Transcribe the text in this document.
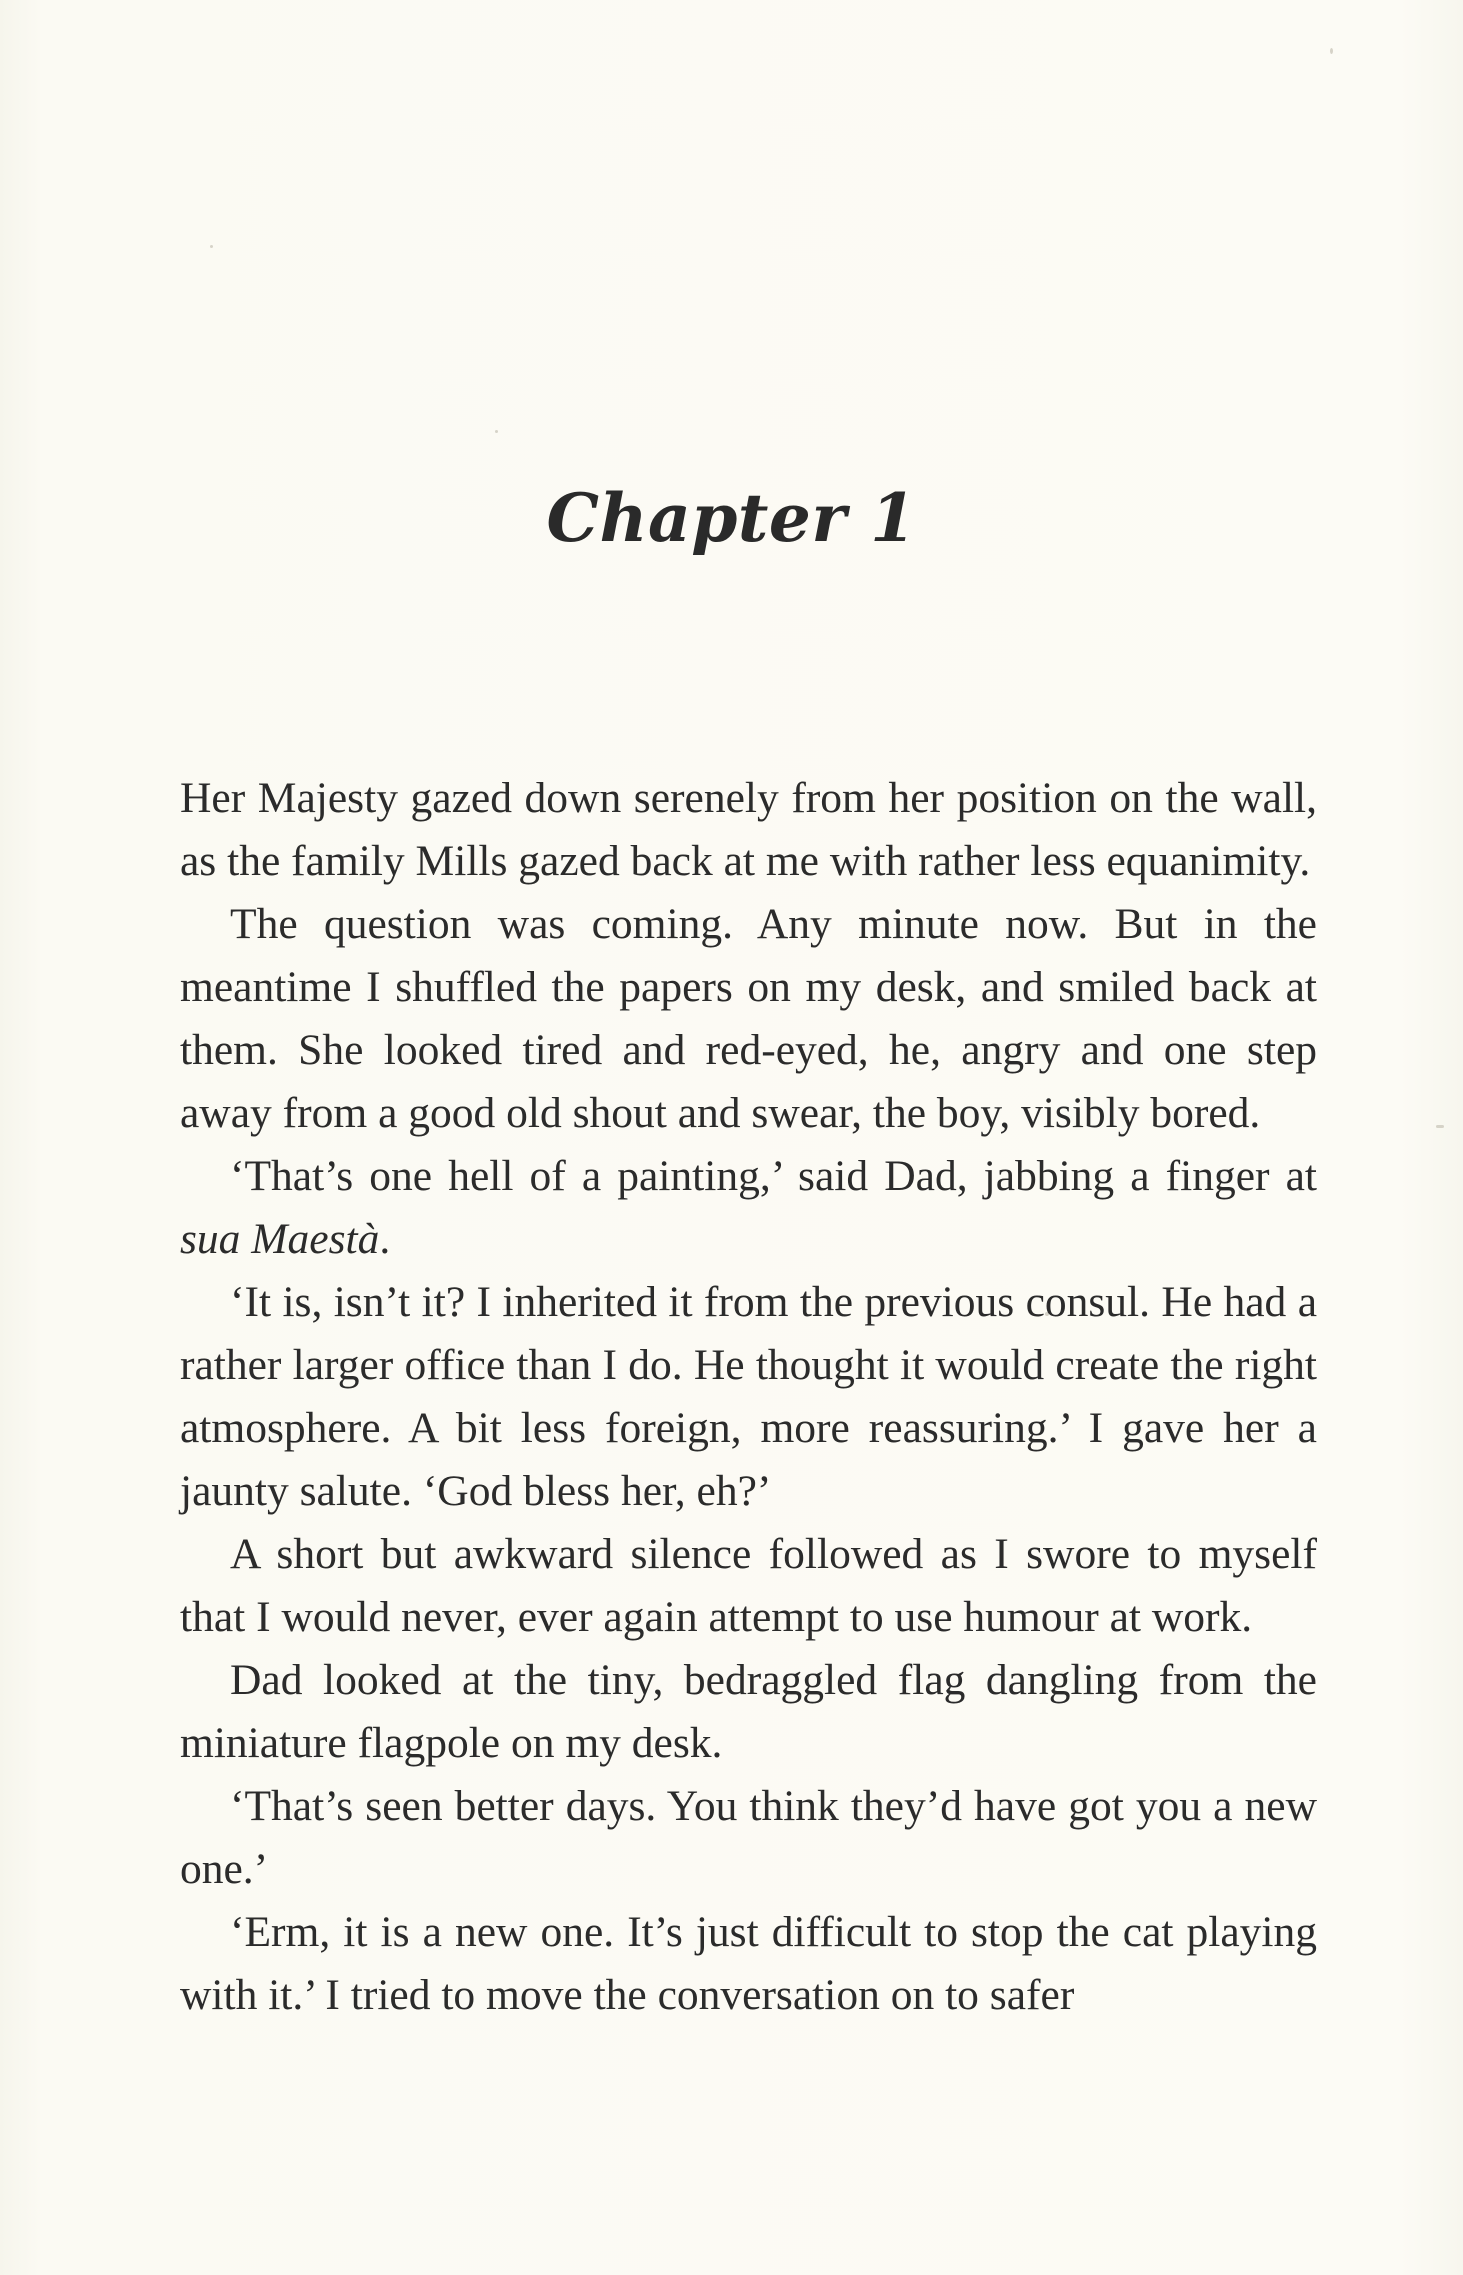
Chapter 1

Her Majesty gazed down serenely from her position on the wall, as the family Mills gazed back at me with rather less equanimity.

The question was coming. Any minute now. But in the meantime I shuffled the papers on my desk, and smiled back at them. She looked tired and red-eyed, he, angry and one step away from a good old shout and swear, the boy, visibly bored.

‘That’s one hell of a painting,’ said Dad, jabbing a finger at sua Maestà.

‘It is, isn’t it? I inherited it from the previous consul. He had a rather larger office than I do. He thought it would create the right atmosphere. A bit less foreign, more reassuring.’ I gave her a jaunty salute. ‘God bless her, eh?’

A short but awkward silence followed as I swore to myself that I would never, ever again attempt to use humour at work.

Dad looked at the tiny, bedraggled flag dangling from the miniature flagpole on my desk.

‘That’s seen better days. You think they’d have got you a new one.’

‘Erm, it is a new one. It’s just difficult to stop the cat playing with it.’ I tried to move the conversation on to safer
